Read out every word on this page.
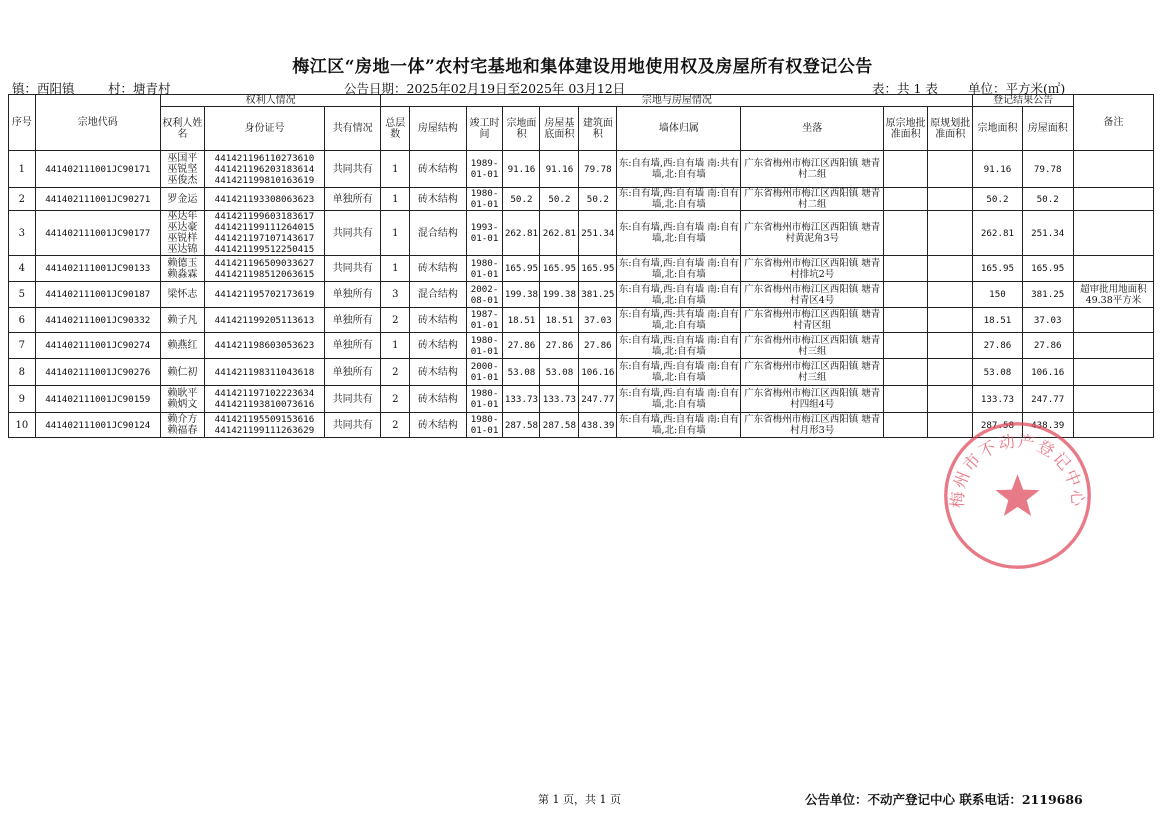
梅江区“房地一体”农村宅基地和集体建设用地使用权及房屋所有权登记公告
镇：西阳镇	村：塘青村	公告日期：2025年02月19日至2025年 03月12日	表：共 1 表 单位：平方米(㎡)
序号	宗地代码	权利人情况			宗地与房屋情况										登记结果公告		备注
		权利人姓名	身份证号	共有情况	总层数	房屋结构	竣工时间	宗地面积	房屋基底面积	建筑面积	墙体归属	坐落	原宗地批准面积	原规划批准面积	宗地面积	房屋面积	
1	441402111001JC90171	巫国平 巫锐坚 巫俊杰	441421196110273610 441421196203183614 441421199810163619	共同共有	1	砖木结构	1989-01-01	91.16	91.16	79.78	东:自有墙,西:自有墙 南:共有墙,北:自有墙	广东省梅州市梅江区西阳镇 塘青村二组			91.16	79.78	
2	441402111001JC90271	罗金运	441421193308063623	单独所有	1	砖木结构	1980-01-01	50.2	50.2	50.2	东:自有墙,西:自有墙 南:自有墙,北:自有墙	广东省梅州市梅江区西阳镇 塘青村二组			50.2	50.2	
3	441402111001JC90177	巫达年 巫达豪 巫锐样 巫达锦	441421199603183617 441421199111264015 441421197107143617 441421199512250415	共同共有	1	混合结构	1993-01-01	262.81	262.81	251.34	东:自有墙,西:自有墙 南:自有墙,北:自有墙	广东省梅州市梅江区西阳镇 塘青村黄泥角3号			262.81	251.34	
4	441402111001JC90133	赖德玉 赖淼霖	441421196509033627 441421198512063615	共同共有	1	砖木结构	1980-01-01	165.95	165.95	165.95	东:自有墙,西:自有墙 南:自有墙,北:自有墙	广东省梅州市梅江区西阳镇 塘青村排坑2号			165.95	165.95	
5	441402111001JC90187	梁怀志	441421195702173619	单独所有	3	混合结构	2002-08-01	199.38	199.38	381.25	东:自有墙,西:自有墙 南:自有墙,北:自有墙	广东省梅州市梅江区西阳镇 塘青村青区4号			150	381.25	超审批用地面积49.38平方米
6	441402111001JC90332	赖子凡	441421199205113613	单独所有	2	砖木结构	1987-01-01	18.51	18.51	37.03	东:自有墙,西:共有墙 南:自有墙,北:自有墙	广东省梅州市梅江区西阳镇 塘青村青区组			18.51	37.03	
7	441402111001JC90274	赖燕红	441421198603053623	单独所有	1	砖木结构	1980-01-01	27.86	27.86	27.86	东:自有墙,西:自有墙 南:自有墙,北:自有墙	广东省梅州市梅江区西阳镇 塘青村三组			27.86	27.86	
8	441402111001JC90276	赖仁初	441421198311043618	单独所有	2	砖木结构	2000-01-01	53.08	53.08	106.16	东:自有墙,西:自有墙 南:自有墙,北:自有墙	广东省梅州市梅江区西阳镇 塘青村三组			53.08	106.16	
9	441402111001JC90159	赖耿平 赖炳文	441421197102223634 441421193810073616	共同共有	2	砖木结构	1980-01-01	133.73	133.73	247.77	东:自有墙,西:自有墙 南:自有墙,北:自有墙	广东省梅州市梅江区西阳镇 塘青村四组4号			133.73	247.77	
10	441402111001JC90124	赖介方 赖福春	441421195509153616 441421199111263629	共同共有	2	砖木结构	1980-01-01	287.58	287.58	438.39	东:自有墙,西:自有墙 南:自有墙,北:自有墙	广东省梅州市梅江区西阳镇 塘青村月形3号			287.58	438.39	
梅州市不动产登记中心
第 1 页，共 1 页	公告单位：不动产登记中心 联系电话：2119686
